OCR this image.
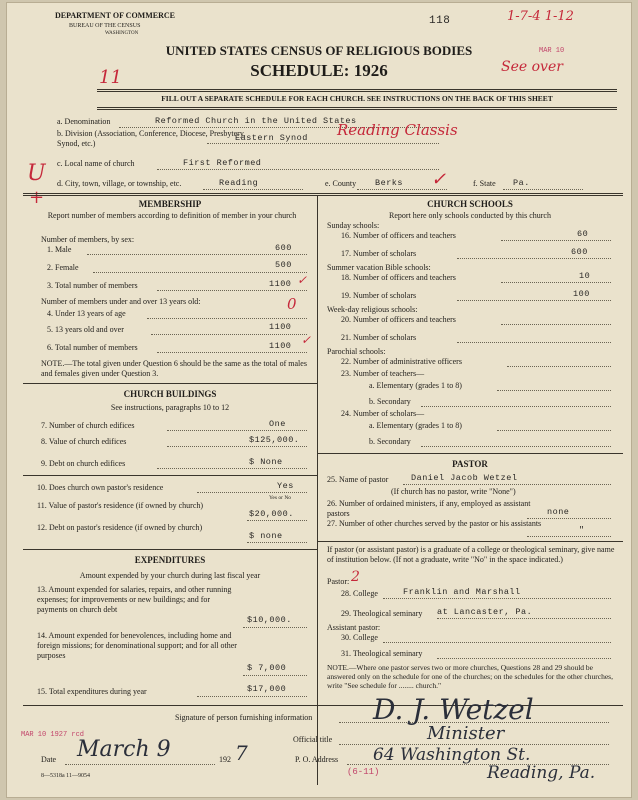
DEPARTMENT OF COMMERCE
BUREAU OF THE CENSUS
WASHINGTON
118	1-7-4 1-12
MAR 10
See over
UNITED STATES CENSUS OF RELIGIOUS BODIES
SCHEDULE: 1926
11
FILL OUT A SEPARATE SCHEDULE FOR EACH CHURCH. SEE INSTRUCTIONS ON THE BACK OF THIS SHEET
a. Denomination	Reformed Church in the United States
b. Division (Association, Conference, Diocese, Presbytery, Synod, etc.)
Eastern Synod Reading Classis
c. Local name of church	First Reformed
U
+
d. City, town, village, or township, etc.	Reading	e. County Berks ✓	f. State Pa.
MEMBERSHIP
Report number of members according to definition of member in your church
Number of members, by sex:
1. Male	600
2. Female	500
3. Total number of members	1100 ✓
Number of members under and over 13 years old:
4. Under 13 years of age
0
5. 13 years old and over	1100
6. Total number of members	1100 ✓
NOTE.—The total given under Question 6 should be the same as the total of males and females given under Question 3.
CHURCH BUILDINGS
See instructions, paragraphs 10 to 12
7. Number of church edifices	One
8. Value of church edifices	$125,000.
9. Debt on church edifices	$ None
10. Does church own pastor's residence	Yes
Yes or No
11. Value of pastor's residence (if owned by church)
$20,000.
12. Debt on pastor's residence (if owned by church)
$ none
EXPENDITURES
Amount expended by your church during last fiscal year
13. Amount expended for salaries, repairs, and other running expenses; for improvements or new buildings; and for payments on church debt
$10,000.
14. Amount expended for benevolences, including home and foreign missions; for denominational support; and for all other purposes
$ 7,000
15. Total expenditures during year	$17,000
CHURCH SCHOOLS
Report here only schools conducted by this church
Sunday schools:
16. Number of officers and teachers	60
17. Number of scholars	600
Summer vacation Bible schools:
18. Number of officers and teachers	10
19. Number of scholars	100
Week-day religious schools:
20. Number of officers and teachers
21. Number of scholars
Parochial schools:
22. Number of administrative officers
23. Number of teachers—
a. Elementary (grades 1 to 8)
b. Secondary
24. Number of scholars—
a. Elementary (grades 1 to 8)
b. Secondary
PASTOR
25. Name of pastor	Daniel Jacob Wetzel
(If church has no pastor, write "None")
26. Number of ordained ministers, if any, employed as assistant pastors	none
27. Number of other churches served by the pastor or his assistants
"
If pastor (or assistant pastor) is a graduate of a college or theological seminary, give name of institution below. (If not a graduate, write "No" in the space indicated.)
Pastor: 2
28. College	Franklin and Marshall
29. Theological seminary at Lancaster, Pa.
Assistant pastor:
30. College
31. Theological seminary
NOTE.—Where one pastor serves two or more churches, Questions 28 and 29 should be answered only on the schedule for one of the churches; on the schedules for the other churches, write "See schedule for ........ church."
Signature of person furnishing information D. J. Wetzel
Official title	Minister
MAR 10 1927 rcd
Date March 9	192 7	P. O. Address 64 Washington St.
Reading, Pa.
(6-11)
8—5318a 11—9054
